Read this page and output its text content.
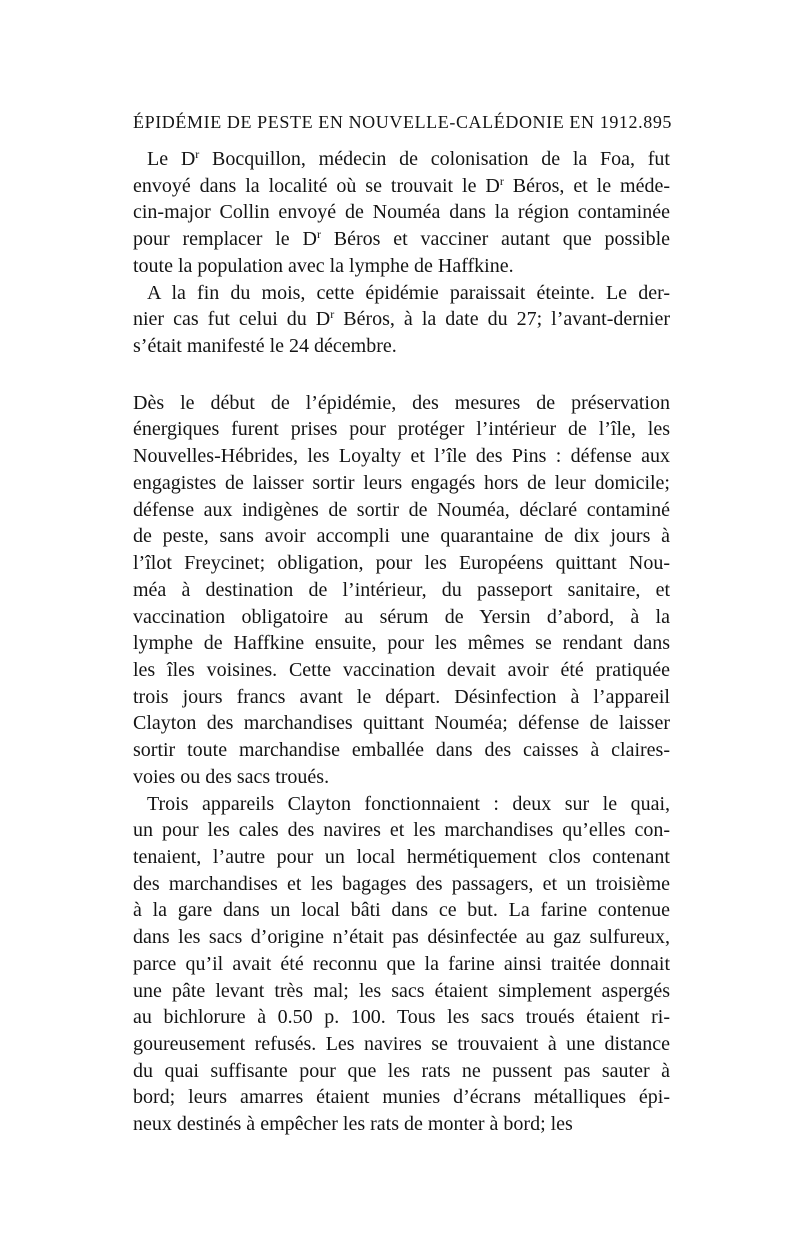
ÉPIDÉMIE DE PESTE EN NOUVELLE-CALÉDONIE EN 1912. 895
Le $D^r$ Bocquillon, médecin de colonisation de la Foa, fut
envoyé dans la localité où se trouvait le $D^r$ Béros, et le méde-
cin-major Collin envoyé de Nouméa dans la région contaminée
pour remplacer le $D^r$ Béros et vacciner autant que possible
toute la population avec la lymphe de Haffkine.
A la fin du mois, cette épidémie paraissait éteinte. Le der-
nier cas fut celui du $D^r$ Béros, à la date du 27; l’avant-dernier
s’était manifesté le 24 décembre.
Dès le début de l’épidémie, des mesures de préservation
énergiques furent prises pour protéger l’intérieur de l’île, les
Nouvelles-Hébrides, les Loyalty et l’île des Pins : défense aux
engagistes de laisser sortir leurs engagés hors de leur domicile;
défense aux indigènes de sortir de Nouméa, déclaré contaminé
de peste, sans avoir accompli une quarantaine de dix jours à
l’îlot Freycinet; obligation, pour les Européens quittant Nou-
méa à destination de l’intérieur, du passeport sanitaire, et
vaccination obligatoire au sérum de Yersin d’abord, à la
lymphe de Haffkine ensuite, pour les mêmes se rendant dans
les îles voisines. Cette vaccination devait avoir été pratiquée
trois jours francs avant le départ. Désinfection à l’appareil
Clayton des marchandises quittant Nouméa; défense de laisser
sortir toute marchandise emballée dans des caisses à claires-
voies ou des sacs troués.
Trois appareils Clayton fonctionnaient : deux sur le quai,
un pour les cales des navires et les marchandises qu’elles con-
tenaient, l’autre pour un local hermétiquement clos contenant
des marchandises et les bagages des passagers, et un troisième
à la gare dans un local bâti dans ce but. La farine contenue
dans les sacs d’origine n’était pas désinfectée au gaz sulfureux,
parce qu’il avait été reconnu que la farine ainsi traitée donnait
une pâte levant très mal; les sacs étaient simplement aspergés
au bichlorure à 0.50 p. 100. Tous les sacs troués étaient ri-
goureusement refusés. Les navires se trouvaient à une distance
du quai suffisante pour que les rats ne pussent pas sauter à
bord; leurs amarres étaient munies d’écrans métalliques épi-
neux destinés à empêcher les rats de monter à bord; les
